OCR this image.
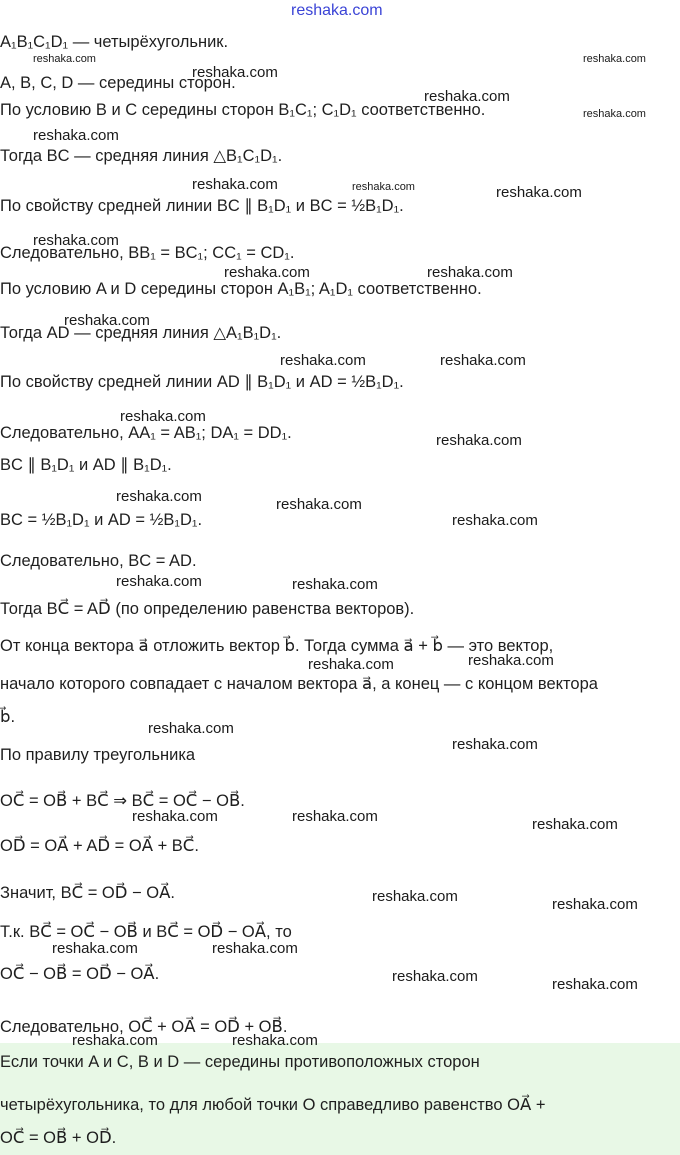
reshaka.com
A₁B₁C₁D₁ — четырёхугольник.
A, B, C, D — середины сторон.
По условию B и C середины сторон B₁C₁; C₁D₁ соответственно.
Тогда BC — средняя линия △B₁C₁D₁.
По свойству средней линии BC ∥ B₁D₁ и BC = ½B₁D₁.
Следовательно, BB₁ = BC₁; CC₁ = CD₁.
По условию A и D середины сторон A₁B₁; A₁D₁ соответственно.
Тогда AD — средняя линия △A₁B₁D₁.
По свойству средней линии AD ∥ B₁D₁ и AD = ½B₁D₁.
Следовательно, AA₁ = AB₁; DA₁ = DD₁.
BC ∥ B₁D₁ и AD ∥ B₁D₁.
BC = ½B₁D₁ и AD = ½B₁D₁.
Следовательно, BC = AD.
Тогда BC⃗ = AD⃗ (по определению равенства векторов).
От конца вектора a⃗ отложить вектор b⃗. Тогда сумма a⃗ + b⃗ — это вектор,
начало которого совпадает с началом вектора a⃗, а конец — с концом вектора
b⃗.
По правилу треугольника
OC⃗ = OB⃗ + BC⃗ ⇒ BC⃗ = OC⃗ − OB⃗.
OD⃗ = OA⃗ + AD⃗ = OA⃗ + BC⃗.
Значит, BC⃗ = OD⃗ − OA⃗.
Т.к. BC⃗ = OC⃗ − OB⃗ и BC⃗ = OD⃗ − OA⃗, то
OC⃗ − OB⃗ = OD⃗ − OA⃗.
Следовательно, OC⃗ + OA⃗ = OD⃗ + OB⃗.
Если точки A и C, B и D — середины противоположных сторон
четырёхугольника, то для любой точки O справедливо равенство OA⃗ +
OC⃗ = OB⃗ + OD⃗.
reshaka.com	reshaka.com
reshaka.com
reshaka.com
reshaka.com
reshaka.com
reshaka.com	reshaka.com	reshaka.com
reshaka.com
reshaka.com	reshaka.com
reshaka.com
reshaka.com	reshaka.com
reshaka.com
reshaka.com
reshaka.com	reshaka.com
reshaka.com
reshaka.com	reshaka.com
reshaka.com	reshaka.com
reshaka.com
reshaka.com
reshaka.com	reshaka.com	reshaka.com
reshaka.com	reshaka.com
reshaka.com	reshaka.com
reshaka.com	reshaka.com
reshaka.com	reshaka.com
